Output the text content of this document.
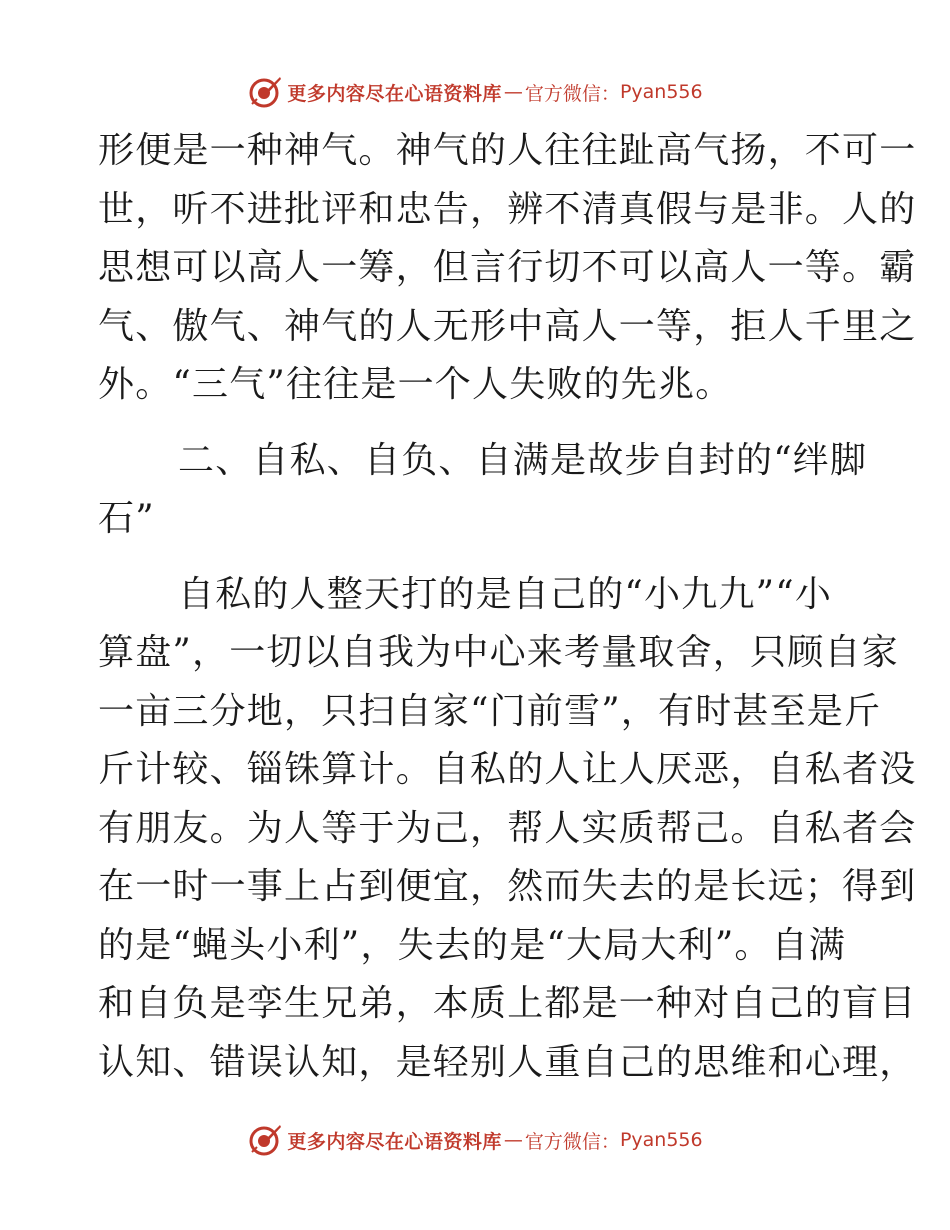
更多内容尽在心语资料库 — 官方微信： Pyan556
形便是一种神气。神气的人往往趾高气扬，不可一
世，听不进批评和忠告，辨不清真假与是非。人的
思想可以高人一筹，但言行切不可以高人一等。霸
气、傲气、神气的人无形中高人一等，拒人千里之
外。“三气”往往是一个人失败的先兆。
二、自私、自负、自满是故步自封的“绊脚
石”
自私的人整天打的是自己的“小九九”“小
算盘”，一切以自我为中心来考量取舍，只顾自家
一亩三分地，只扫自家“门前雪”，有时甚至是斤
斤计较、锱铢算计。自私的人让人厌恶，自私者没
有朋友。为人等于为己，帮人实质帮己。自私者会
在一时一事上占到便宜，然而失去的是长远；得到
的是“蝇头小利”，失去的是“大局大利”。自满
和自负是孪生兄弟，本质上都是一种对自己的盲目
认知、错误认知，是轻别人重自己的思维和心理，
更多内容尽在心语资料库 — 官方微信： Pyan556
